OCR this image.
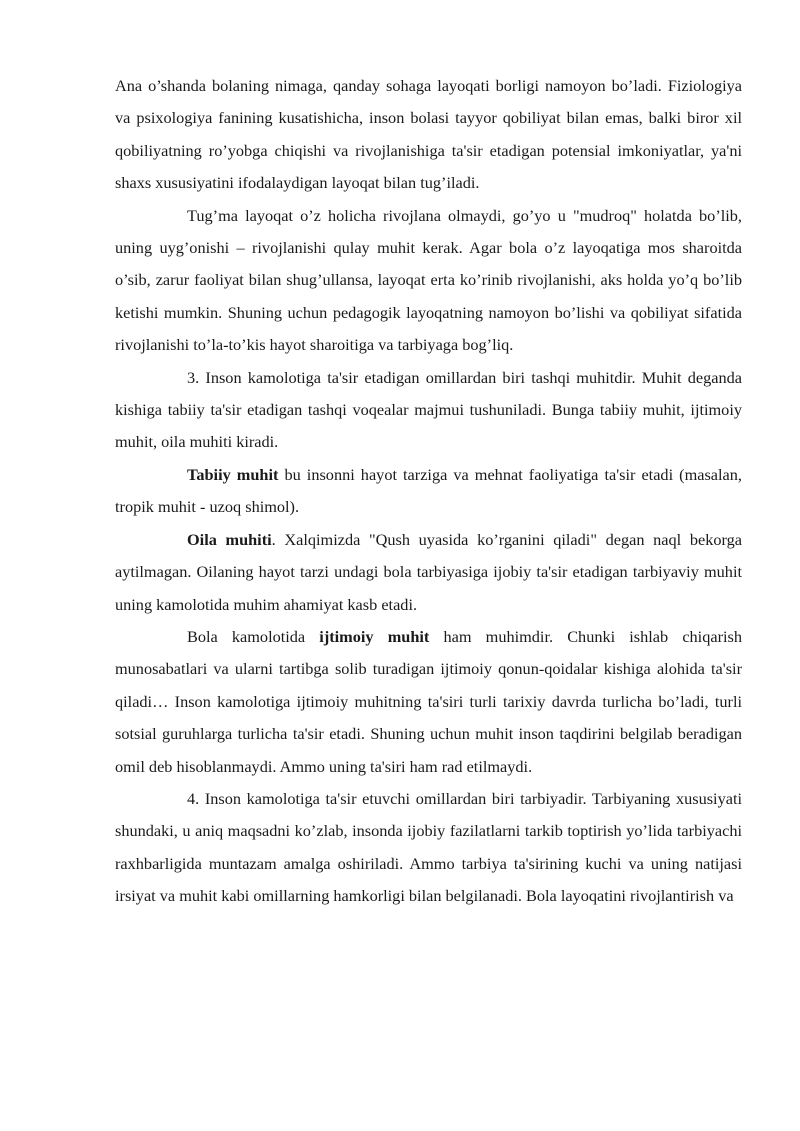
Ana o’shanda bolaning nimaga, qanday sohaga layoqati borligi namoyon bo’ladi. Fiziologiya va psixologiya fanining kusatishicha, inson bolasi tayyor qobiliyat bilan emas, balki biror xil qobiliyatning ro’yobga chiqishi va rivojlanishiga ta'sir etadigan potensial imkoniyatlar, ya'ni shaxs xususiyatini ifodalaydigan layoqat bilan tug’iladi.

Tug’ma layoqat o’z holicha rivojlana olmaydi, go’yo u "mudroq" holatda bo’lib, uning uyg’onishi – rivojlanishi qulay muhit kerak. Agar bola o’z layoqatiga mos sharoitda o’sib, zarur faoliyat bilan shug’ullansa, layoqat erta ko’rinib rivojlanishi, aks holda yo’q bo’lib ketishi mumkin. Shuning uchun pedagogik layoqatning namoyon bo’lishi va qobiliyat sifatida rivojlanishi to’la-to’kis hayot sharoitiga va tarbiyaga bog’liq.

3. Inson kamolotiga ta'sir etadigan omillardan biri tashqi muhitdir. Muhit deganda kishiga tabiiy ta'sir etadigan tashqi voqealar majmui tushuniladi. Bunga tabiiy muhit, ijtimoiy muhit, oila muhiti kiradi.

Tabiiy muhit bu insonni hayot tarziga va mehnat faoliyatiga ta'sir etadi (masalan, tropik muhit - uzoq shimol).

Oila muhiti. Xalqimizda "Qush uyasida ko’rganini qiladi" degan naql bekorga aytilmagan. Oilaning hayot tarzi undagi bola tarbiyasiga ijobiy ta'sir etadigan tarbiyaviy muhit uning kamolotida muhim ahamiyat kasb etadi.

Bola kamolotida ijtimoiy muhit ham muhimdir. Chunki ishlab chiqarish munosabatlari va ularni tartibga solib turadigan ijtimoiy qonun-qoidalar kishiga alohida ta'sir qiladi… Inson kamolotiga ijtimoiy muhitning ta'siri turli tarixiy davrda turlicha bo’ladi, turli sotsial guruhlarga turlicha ta'sir etadi. Shuning uchun muhit inson taqdirini belgilab beradigan omil deb hisoblanmaydi. Ammo uning ta'siri ham rad etilmaydi.

4. Inson kamolotiga ta'sir etuvchi omillardan biri tarbiyadir. Tarbiyaning xususiyati shundaki, u aniq maqsadni ko’zlab, insonda ijobiy fazilatlarni tarkib toptirish yo’lida tarbiyachi raxhbarligida muntazam amalga oshiriladi. Ammo tarbiya ta'sirining kuchi va uning natijasi irsiyat va muhit kabi omillarning hamkorligi bilan belgilanadi. Bola layoqatini rivojlantirish va
